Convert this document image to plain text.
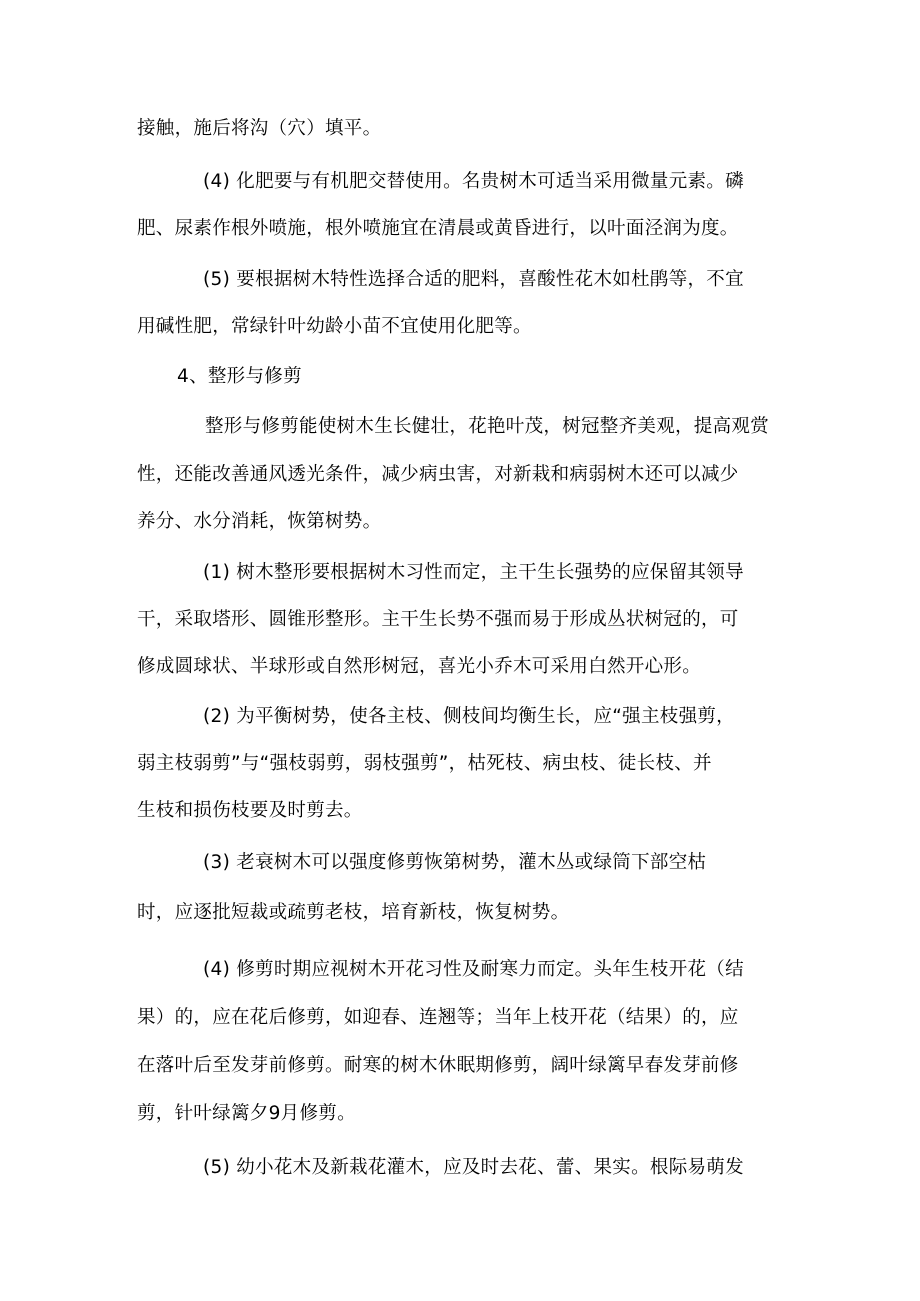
接触，施后将沟（穴）填平。
(4) 化肥要与有机肥交替使用。名贵树木可适当采用微量元素。磷
肥、尿素作根外喷施，根外喷施宜在清晨或黄昏进行，以叶面泾润为度。
(5) 要根据树木特性选择合适的肥料，喜酸性花木如杜鹃等，不宜
用碱性肥，常绿针叶幼龄小苗不宜使用化肥等。
4、整形与修剪
整形与修剪能使树木生长健壮，花艳叶茂，树冠整齐美观，提高观赏
性，还能改善通风透光条件，减少病虫害，对新栽和病弱树木还可以减少
养分、水分消耗，恢第树势。
(1) 树木整形要根据树木习性而定，主干生长强势的应保留其领导
干，采取塔形、圆锥形整形。主干生长势不强而易于形成丛状树冠的，可
修成圆球状、半球形或自然形树冠，喜光小乔木可采用白然开心形。
(2) 为平衡树势，使各主枝、侧枝间均衡生长，应“强主枝强剪，
弱主枝弱剪”与“强枝弱剪，弱枝强剪”，枯死枝、病虫枝、徒长枝、并
生枝和损伤枝要及时剪去。
(3) 老衰树木可以强度修剪恢第树势，灌木丛或绿筒下部空枯
时，应逐批短裁或疏剪老枝，培育新枝，恢复树势。
(4) 修剪时期应视树木开花习性及耐寒力而定。头年生枝开花（结
果）的，应在花后修剪，如迎春、连翘等；当年上枝开花（结果）的，应
在落叶后至发芽前修剪。耐寒的树木休眠期修剪，阔叶绿篱早春发芽前修
剪，针叶绿篱夕9月修剪。
(5) 幼小花木及新栽花灌木，应及时去花、蕾、果实。根际易萌发
